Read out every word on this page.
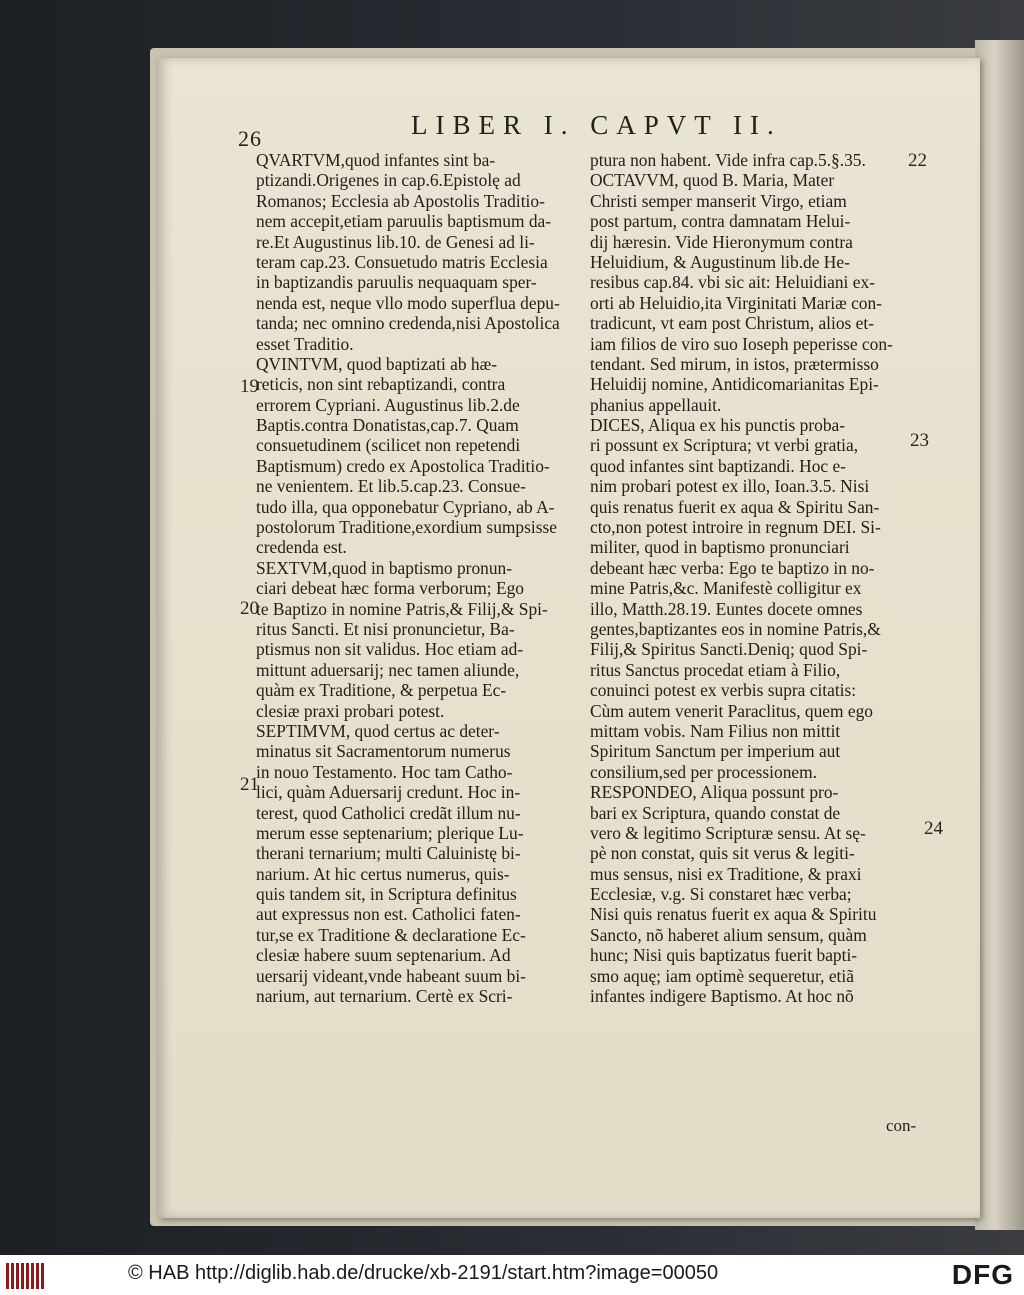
26	LIBER I. CAPVT II.
QVARTVM,quod infantes sint ba-
ptizandi.Origenes in cap.6.Epistolę ad
Romanos; Ecclesia ab Apostolis Traditio-
nem accepit,etiam paruulis baptismum da-
re.Et Augustinus lib.10. de Genesi ad li-
teram cap.23. Consuetudo matris Ecclesia
in baptizandis paruulis nequaquam sper-
nenda est, neque vllo modo superflua depu-
tanda; nec omnino credenda,nisi Apostolica
esset Traditio.
QVINTVM, quod baptizati ab hæ-
reticis, non sint rebaptizandi, contra
errorem Cypriani. Augustinus lib.2.de
Baptis.contra Donatistas,cap.7. Quam
consuetudinem (scilicet non repetendi
Baptismum) credo ex Apostolica Traditio-
ne venientem. Et lib.5.cap.23. Consue-
tudo illa, qua opponebatur Cypriano, ab A-
postolorum Traditione,exordium sumpsisse
credenda est.
SEXTVM,quod in baptismo pronun-
ciari debeat hæc forma verborum; Ego
te Baptizo in nomine Patris,& Filij,& Spi-
ritus Sancti. Et nisi pronuncietur, Ba-
ptismus non sit validus. Hoc etiam ad-
mittunt aduersarij; nec tamen aliunde,
quàm ex Traditione, & perpetua Ec-
clesiæ praxi probari potest.
SEPTIMVM, quod certus ac deter-
minatus sit Sacramentorum numerus
in nouo Testamento. Hoc tam Catho-
lici, quàm Aduersarij credunt. Hoc in-
terest, quod Catholici credãt illum nu-
merum esse septenarium; plerique Lu-
therani ternarium; multi Caluinistę bi-
narium. At hic certus numerus, quis-
quis tandem sit, in Scriptura definitus
aut expressus non est. Catholici faten-
tur,se ex Traditione & declaratione Ec-
clesiæ habere suum septenarium. Ad
uersarij videant,vnde habeant suum bi-
narium, aut ternarium. Certè ex Scri-
ptura non habent. Vide infra cap.5.§.35.
OCTAVVM, quod B. Maria, Mater
Christi semper manserit Virgo, etiam
post partum, contra damnatam Helui-
dij hæresin. Vide Hieronymum contra
Heluidium, & Augustinum lib.de He-
resibus cap.84. vbi sic ait: Heluidiani ex-
orti ab Heluidio,ita Virginitati Mariæ con-
tradicunt, vt eam post Christum, alios et-
iam filios de viro suo Ioseph peperisse con-
tendant. Sed mirum, in istos, prætermisso
Heluidij nomine, Antidicomarianitas Epi-
phanius appellauit.
DICES, Aliqua ex his punctis proba-
ri possunt ex Scriptura; vt verbi gratia,
quod infantes sint baptizandi. Hoc e-
nim probari potest ex illo, Ioan.3.5. Nisi
quis renatus fuerit ex aqua & Spiritu San-
cto,non potest introire in regnum DEI. Si-
militer, quod in baptismo pronunciari
debeant hæc verba: Ego te baptizo in no-
mine Patris,&c. Manifestè colligitur ex
illo, Matth.28.19. Euntes docete omnes
gentes,baptizantes eos in nomine Patris,&
Filij,& Spiritus Sancti.Deniq; quod Spi-
ritus Sanctus procedat etiam à Filio,
conuinci potest ex verbis supra citatis:
Cùm autem venerit Paraclitus, quem ego
mittam vobis. Nam Filius non mittit
Spiritum Sanctum per imperium aut
consilium,sed per processionem.
RESPONDEO, Aliqua possunt pro-
bari ex Scriptura, quando constat de
vero & legitimo Scripturæ sensu. At sę-
pè non constat, quis sit verus & legiti-
mus sensus, nisi ex Traditione, & praxi
Ecclesiæ, v.g. Si constaret hæc verba;
Nisi quis renatus fuerit ex aqua & Spiritu
Sancto, nõ haberet alium sensum, quàm
hunc; Nisi quis baptizatus fuerit bapti-
smo aquę; iam optimè sequeretur, etiã
infantes indigere Baptismo. At hoc nõ
19
20
21
22
23
24
con-
© HAB http://diglib.hab.de/drucke/xb-2191/start.htm?image=00050	DFG
